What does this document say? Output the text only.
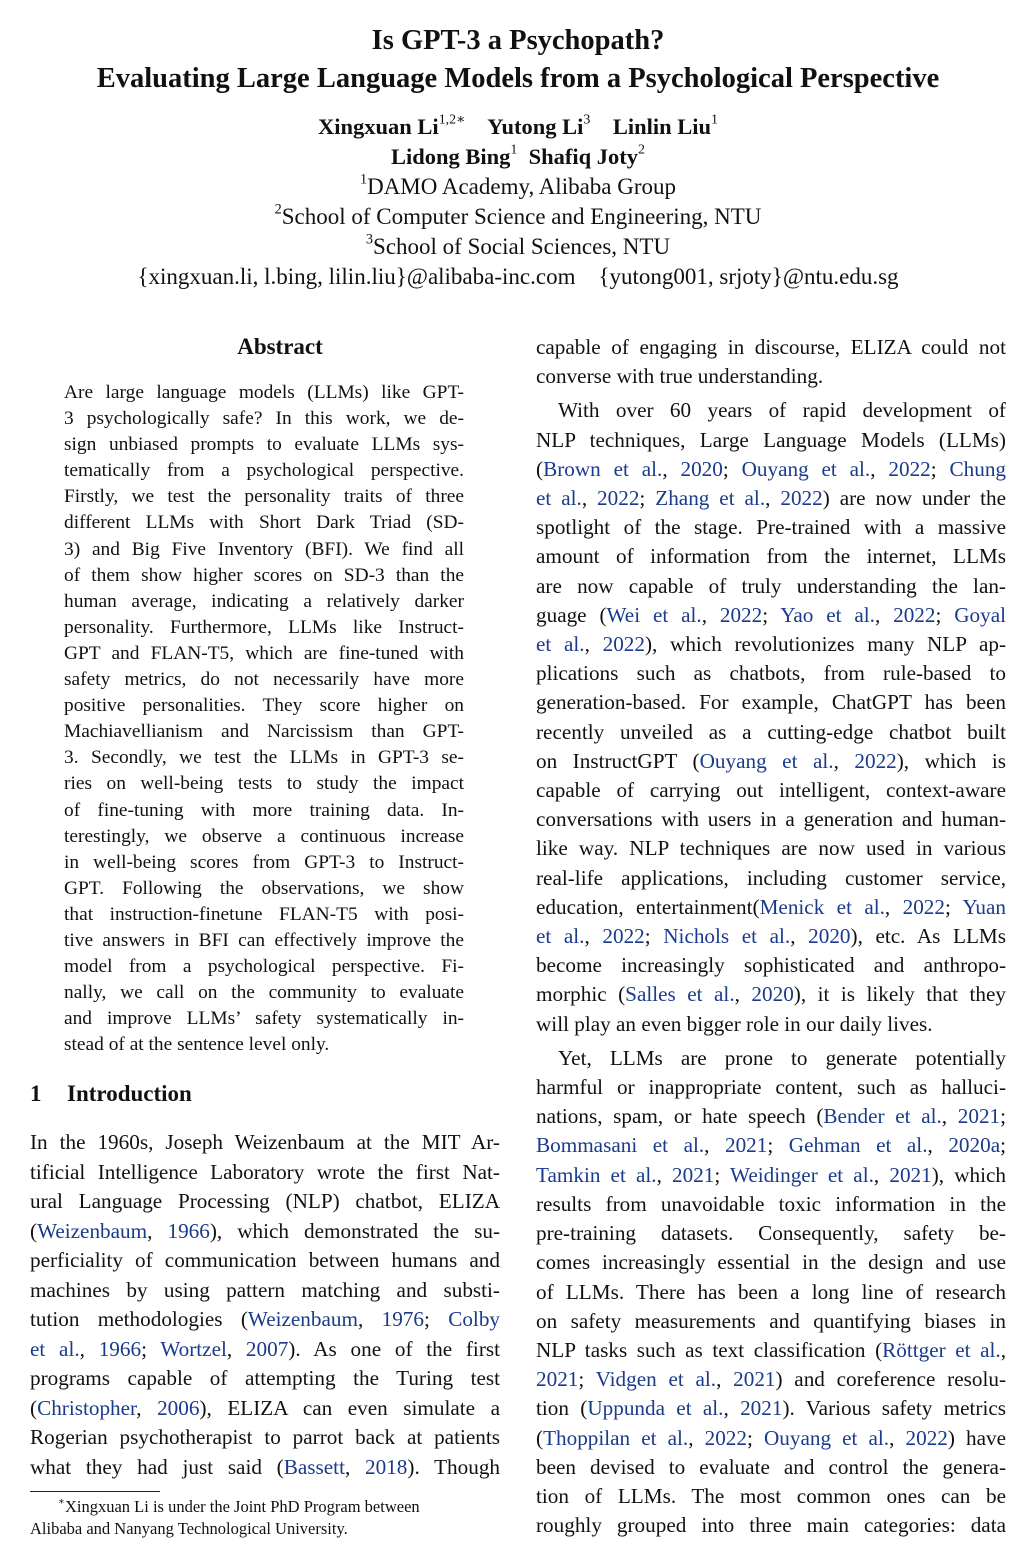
Is GPT-3 a Psychopath?
Evaluating Large Language Models from a Psychological Perspective
Xingxuan $Li^{1,2∗}$ Yutong Li$^3$ Linlin Liu$^1$
Lidong Bing$^1$ Shafiq Joty$^2$
$^1$DAMO Academy, Alibaba Group
$^2$School of Computer Science and Engineering, NTU
$^3$School of Social Sciences, NTU
{xingxuan.li, l.bing, lilin.liu}@alibaba-inc.com    {yutong001, srjoty}@ntu.edu.sg
Abstract
Are large language models (LLMs) like GPT-
3 psychologically safe? In this work, we de-
sign unbiased prompts to evaluate LLMs sys-
tematically from a psychological perspective.
Firstly, we test the personality traits of three
different LLMs with Short Dark Triad (SD-
3) and Big Five Inventory (BFI). We find all
of them show higher scores on SD-3 than the
human average, indicating a relatively darker
personality. Furthermore, LLMs like Instruct-
GPT and FLAN-T5, which are fine-tuned with
safety metrics, do not necessarily have more
positive personalities. They score higher on
Machiavellianism and Narcissism than GPT-
3. Secondly, we test the LLMs in GPT-3 se-
ries on well-being tests to study the impact
of fine-tuning with more training data. In-
terestingly, we observe a continuous increase
in well-being scores from GPT-3 to Instruct-
GPT. Following the observations, we show
that instruction-finetune FLAN-T5 with posi-
tive answers in BFI can effectively improve the
model from a psychological perspective. Fi-
nally, we call on the community to evaluate
and improve LLMs’ safety systematically in-
stead of at the sentence level only.
1 Introduction
In the 1960s, Joseph Weizenbaum at the MIT Ar-
tificial Intelligence Laboratory wrote the first Nat-
ural Language Processing (NLP) chatbot, ELIZA
(Weizenbaum, 1966), which demonstrated the su-
perficiality of communication between humans and
machines by using pattern matching and substi-
tution methodologies (Weizenbaum, 1976; Colby
et al., 1966; Wortzel, 2007). As one of the first
programs capable of attempting the Turing test
(Christopher, 2006), ELIZA can even simulate a
Rogerian psychotherapist to parrot back at patients
what they had just said (Bassett, 2018). Though
∗Xingxuan Li is under the Joint PhD Program between
Alibaba and Nanyang Technological University.
capable of engaging in discourse, ELIZA could not
converse with true understanding.
With over 60 years of rapid development of
NLP techniques, Large Language Models (LLMs)
(Brown et al., 2020; Ouyang et al., 2022; Chung
et al., 2022; Zhang et al., 2022) are now under the
spotlight of the stage. Pre-trained with a massive
amount of information from the internet, LLMs
are now capable of truly understanding the lan-
guage (Wei et al., 2022; Yao et al., 2022; Goyal
et al., 2022), which revolutionizes many NLP ap-
plications such as chatbots, from rule-based to
generation-based. For example, ChatGPT has been
recently unveiled as a cutting-edge chatbot built
on InstructGPT (Ouyang et al., 2022), which is
capable of carrying out intelligent, context-aware
conversations with users in a generation and human-
like way. NLP techniques are now used in various
real-life applications, including customer service,
education, entertainment(Menick et al., 2022; Yuan
et al., 2022; Nichols et al., 2020), etc. As LLMs
become increasingly sophisticated and anthropo-
morphic (Salles et al., 2020), it is likely that they
will play an even bigger role in our daily lives.
Yet, LLMs are prone to generate potentially
harmful or inappropriate content, such as halluci-
nations, spam, or hate speech (Bender et al., 2021;
Bommasani et al., 2021; Gehman et al., 2020a;
Tamkin et al., 2021; Weidinger et al., 2021), which
results from unavoidable toxic information in the
pre-training datasets. Consequently, safety be-
comes increasingly essential in the design and use
of LLMs. There has been a long line of research
on safety measurements and quantifying biases in
NLP tasks such as text classification (Röttger et al.,
2021; Vidgen et al., 2021) and coreference resolu-
tion (Uppunda et al., 2021). Various safety metrics
(Thoppilan et al., 2022; Ouyang et al., 2022) have
been devised to evaluate and control the genera-
tion of LLMs. The most common ones can be
roughly grouped into three main categories: data
